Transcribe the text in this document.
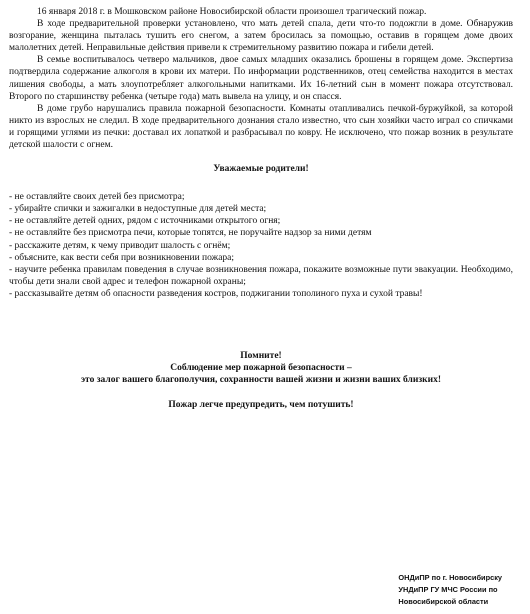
16 января 2018 г. в Мошковском районе Новосибирской области произошел трагический пожар.

В ходе предварительной проверки установлено, что мать детей спала, дети что-то подожгли в доме. Обнаружив возгорание, женщина пыталась тушить его снегом, а затем бросилась за помощью, оставив в горящем доме двоих малолетних детей. Неправильные действия привели к стремительному развитию пожара и гибели детей.

В семье воспитывалось четверо мальчиков, двое самых младших оказались брошены в горящем доме. Экспертиза подтвердила содержание алкоголя в крови их матери. По информации родственников, отец семейства находится в местах лишения свободы, а мать злоупотребляет алкогольными напитками. Их 16-летний сын в момент пожара отсутствовал. Второго по старшинству ребенка (четыре года) мать вывела на улицу, и он спасся.

В доме грубо нарушались правила пожарной безопасности. Комнаты отапливались печкой-буржуйкой, за которой никто из взрослых не следил. В ходе предварительного дознания стало известно, что сын хозяйки часто играл со спичками и горящими углями из печки: доставал их лопаткой и разбрасывал по ковру. Не исключено, что пожар возник в результате детской шалости с огнем.

Уважаемые родители!

- не оставляйте своих детей без присмотра;
- убирайте спички и зажигалки в недоступные для детей места;
- не оставляйте детей одних, рядом с источниками открытого огня;
- не оставляйте без присмотра печи, которые топятся, не поручайте надзор за ними детям
- расскажите детям, к чему приводит шалость с огнём;
- объясните, как вести себя при возникновении пожара;
- научите ребенка правилам поведения в случае возникновения пожара, покажите возможные пути эвакуации. Необходимо, чтобы дети знали свой адрес и телефон пожарной охраны;
- рассказывайте детям об опасности разведения костров, поджигании тополиного пуха и сухой травы!

Помните!

Соблюдение мер пожарной безопасности –

это залог вашего благополучия, сохранности вашей жизни и жизни ваших близких!

Пожар легче предупредить, чем потушить!

ОНДиПР по г. Новосибирску
УНДиПР ГУ МЧС России по
Новосибирской области
